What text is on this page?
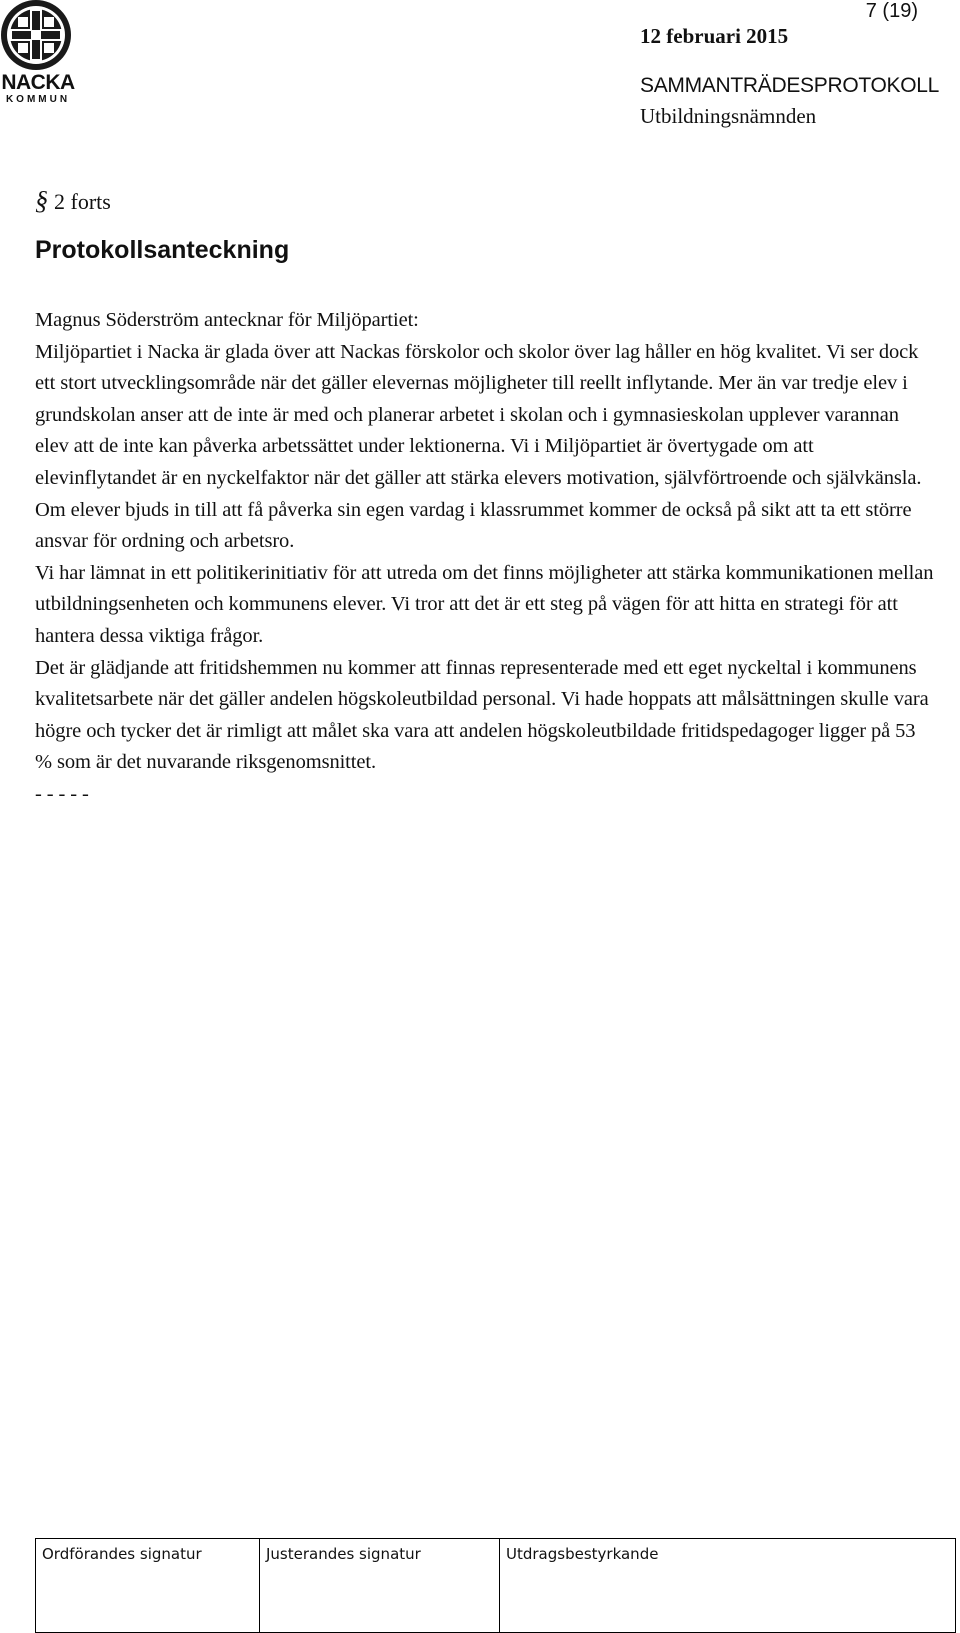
NACKA
KOMMUN
7 (19)
12 februari 2015
SAMMANTRÄDESPROTOKOLL
Utbildningsnämnden
§ 2 forts
Protokollsanteckning

Magnus Söderström antecknar för Miljöpartiet:

Miljöpartiet i Nacka är glada över att Nackas förskolor och skolor över lag håller en hög kvalitet. Vi ser dock ett stort utvecklingsområde när det gäller elevernas möjligheter till reellt inflytande. Mer än var tredje elev i grundskolan anser att de inte är med och planerar arbetet i skolan och i gymnasieskolan upplever varannan elev att de inte kan påverka arbetssättet under lektionerna. Vi i Miljöpartiet är övertygade om att elevinflytandet är en nyckelfaktor när det gäller att stärka elevers motivation, självförtroende och självkänsla. Om elever bjuds in till att få påverka sin egen vardag i klassrummet kommer de också på sikt att ta ett större ansvar för ordning och arbetsro.

Vi har lämnat in ett politikerinitiativ för att utreda om det finns möjligheter att stärka kommunikationen mellan utbildningsenheten och kommunens elever. Vi tror att det är ett steg på vägen för att hitta en strategi för att hantera dessa viktiga frågor.

Det är glädjande att fritidshemmen nu kommer att finnas representerade med ett eget nyckeltal i kommunens kvalitetsarbete när det gäller andelen högskoleutbildad personal. Vi hade hoppats att målsättningen skulle vara högre och tycker det är rimligt att målet ska vara att andelen högskoleutbildade fritidspedagoger ligger på 53 % som är det nuvarande riksgenomsnittet.

- - - - -

Ordförandes signatur	Justerandes signatur	Utdragsbestyrkande
